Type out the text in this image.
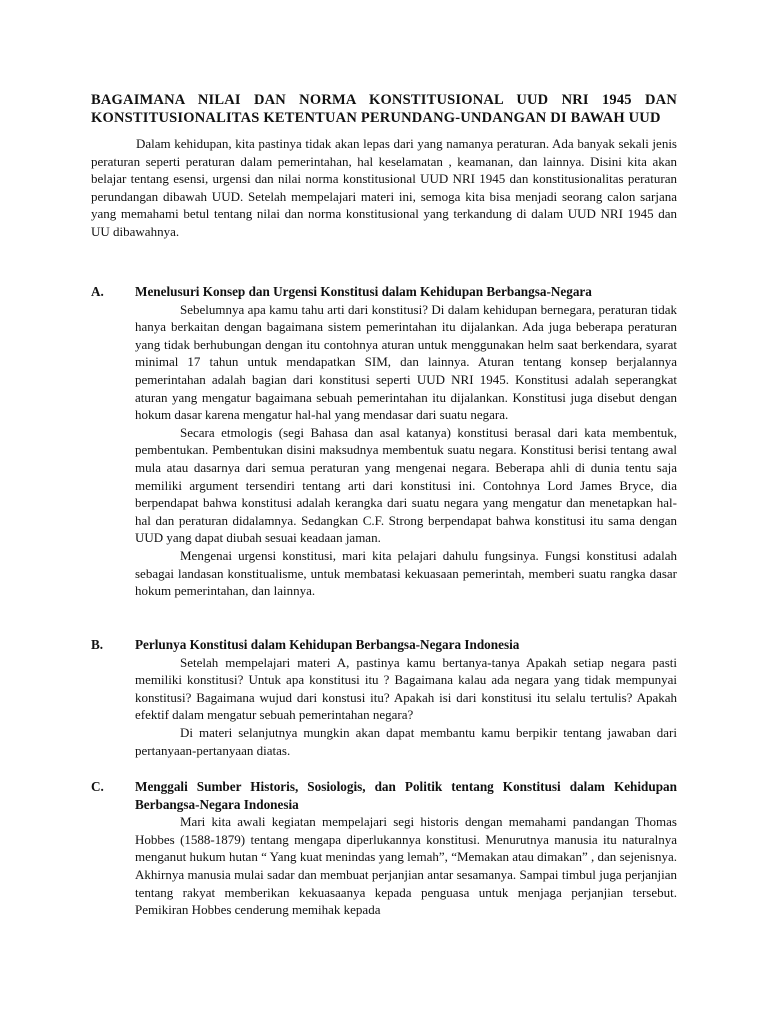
BAGAIMANA NILAI DAN NORMA KONSTITUSIONAL UUD NRI 1945 DAN KONSTITUSIONALITAS KETENTUAN PERUNDANG-UNDANGAN DI BAWAH UUD

Dalam kehidupan, kita pastinya tidak akan lepas dari yang namanya peraturan. Ada banyak sekali jenis peraturan seperti peraturan dalam pemerintahan, hal keselamatan , keamanan, dan lainnya. Disini kita akan belajar tentang esensi, urgensi dan nilai norma konstitusional UUD NRI 1945 dan konstitusionalitas peraturan perundangan dibawah UUD. Setelah mempelajari materi ini, semoga kita bisa menjadi seorang calon sarjana yang memahami betul tentang nilai dan norma konstitusional yang terkandung di dalam UUD NRI 1945 dan UU dibawahnya.

A.	Menelusuri Konsep dan Urgensi Konstitusi dalam Kehidupan Berbangsa-Negara

Sebelumnya apa kamu tahu arti dari konstitusi? Di dalam kehidupan bernegara, peraturan tidak hanya berkaitan dengan bagaimana sistem pemerintahan itu dijalankan. Ada juga beberapa peraturan yang tidak berhubungan dengan itu contohnya aturan untuk menggunakan helm saat berkendara, syarat minimal 17 tahun untuk mendapatkan SIM, dan lainnya. Aturan tentang konsep berjalannya pemerintahan adalah bagian dari konstitusi seperti UUD NRI 1945. Konstitusi adalah seperangkat aturan yang mengatur bagaimana sebuah pemerintahan itu dijalankan. Konstitusi juga disebut dengan hokum dasar karena mengatur hal-hal yang mendasar dari suatu negara.

Secara etmologis (segi Bahasa dan asal katanya) konstitusi berasal dari kata membentuk, pembentukan. Pembentukan disini maksudnya membentuk suatu negara. Konstitusi berisi tentang awal mula atau dasarnya dari semua peraturan yang mengenai negara. Beberapa ahli di dunia tentu saja memiliki argument tersendiri tentang arti dari konstitusi ini. Contohnya Lord James Bryce, dia berpendapat bahwa konstitusi adalah kerangka dari suatu negara yang mengatur dan menetapkan hal-hal dan peraturan didalamnya. Sedangkan C.F. Strong berpendapat bahwa konstitusi itu sama dengan UUD yang dapat diubah sesuai keadaan jaman.

Mengenai urgensi konstitusi, mari kita pelajari dahulu fungsinya. Fungsi konstitusi adalah sebagai landasan konstitualisme, untuk membatasi kekuasaan pemerintah, memberi suatu rangka dasar hokum pemerintahan, dan lainnya.

B.	Perlunya Konstitusi dalam Kehidupan Berbangsa-Negara Indonesia

Setelah mempelajari materi A, pastinya kamu bertanya-tanya Apakah setiap negara pasti memiliki konstitusi? Untuk apa konstitusi itu ? Bagaimana kalau ada negara yang tidak mempunyai konstitusi? Bagaimana wujud dari konstusi itu? Apakah isi dari konstitusi itu selalu tertulis? Apakah efektif dalam mengatur sebuah pemerintahan negara?

Di materi selanjutnya mungkin akan dapat membantu kamu berpikir tentang jawaban dari pertanyaan-pertanyaan diatas.

C.	Menggali Sumber Historis, Sosiologis, dan Politik tentang Konstitusi dalam Kehidupan Berbangsa-Negara Indonesia

Mari kita awali kegiatan mempelajari segi historis dengan memahami pandangan Thomas Hobbes (1588-1879) tentang mengapa diperlukannya konstitusi. Menurutnya manusia itu naturalnya menganut hukum hutan “ Yang kuat menindas yang lemah”, “Memakan atau dimakan” , dan sejenisnya. Akhirnya manusia mulai sadar dan membuat perjanjian antar sesamanya. Sampai timbul juga perjanjian tentang rakyat memberikan kekuasaanya kepada penguasa untuk menjaga perjanjian tersebut. Pemikiran Hobbes cenderung memihak kepada
